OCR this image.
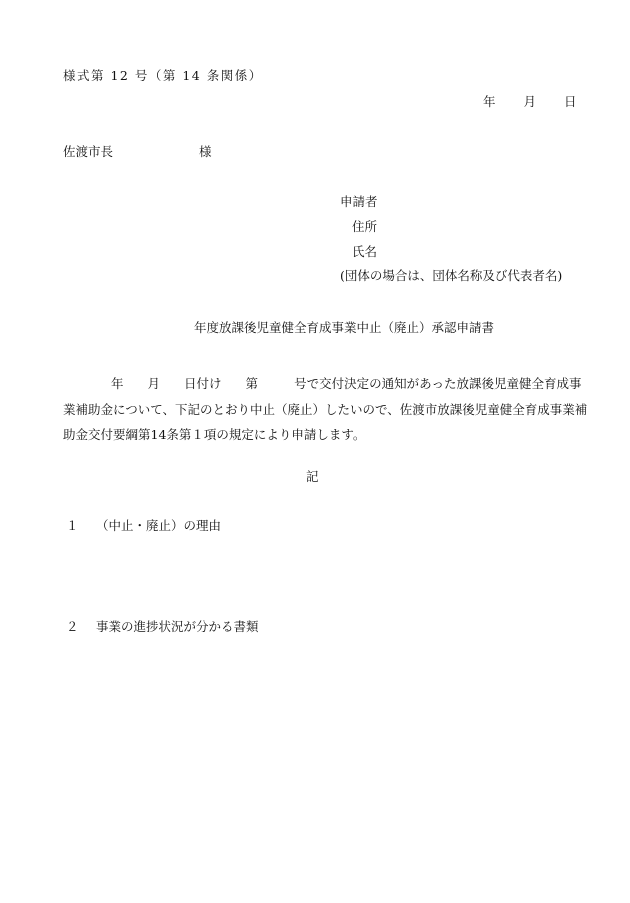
様式第 12 号（第 14 条関係）
年 月 日
佐渡市長	様
申請者
住所
氏名
(団体の場合は、団体名称及び代表者名)
年度放課後児童健全育成事業中止（廃止）承認申請書
年 月 日付け 第	号で交付決定の通知があった放課後児童健全育成事
業補助金について、下記のとおり中止（廃止）したいので、佐渡市放課後児童健全育成事業補
助金交付要綱第14条第１項の規定により申請します。
記
１ （中止・廃止）の理由
２ 事業の進捗状況が分かる書類
